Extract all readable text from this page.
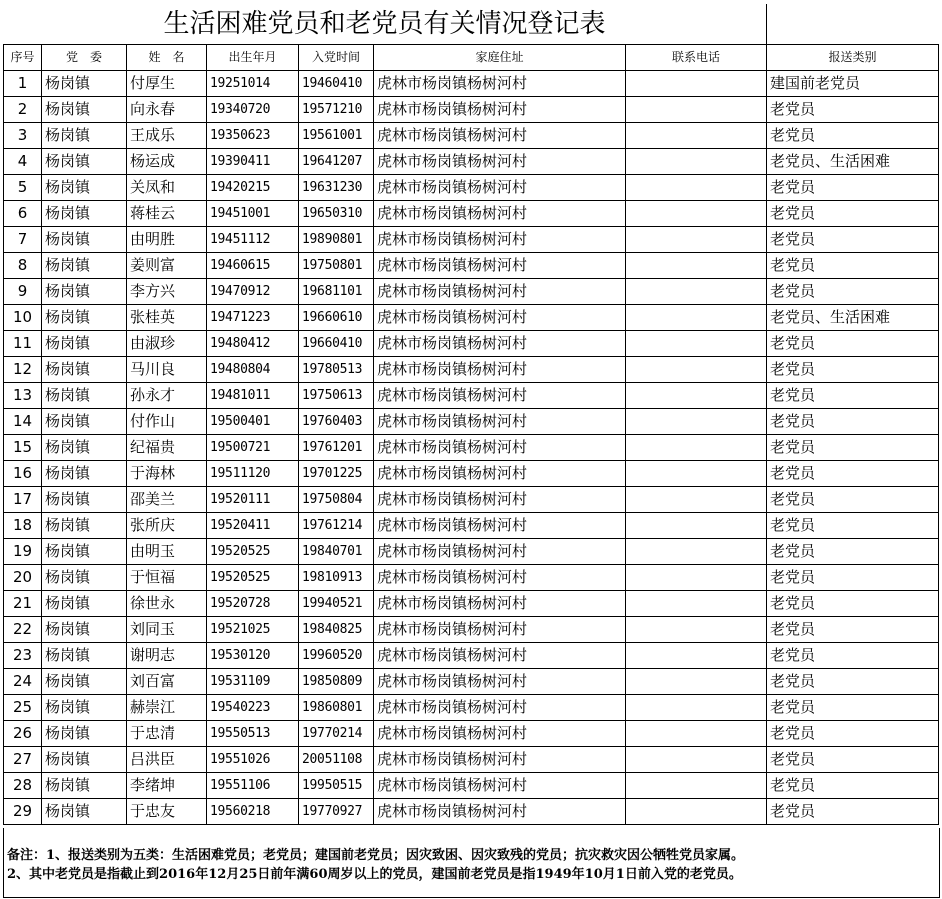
生活困难党员和老党员有关情况登记表
序号	党　委	姓　名	出生年月	入党时间	家庭住址	联系电话	报送类别
1	杨岗镇	付厚生	19251014	19460410	虎林市杨岗镇杨树河村		建国前老党员
2	杨岗镇	向永春	19340720	19571210	虎林市杨岗镇杨树河村		老党员
3	杨岗镇	王成乐	19350623	19561001	虎林市杨岗镇杨树河村		老党员
4	杨岗镇	杨运成	19390411	19641207	虎林市杨岗镇杨树河村		老党员、生活困难
5	杨岗镇	关凤和	19420215	19631230	虎林市杨岗镇杨树河村		老党员
6	杨岗镇	蒋桂云	19451001	19650310	虎林市杨岗镇杨树河村		老党员
7	杨岗镇	由明胜	19451112	19890801	虎林市杨岗镇杨树河村		老党员
8	杨岗镇	姜则富	19460615	19750801	虎林市杨岗镇杨树河村		老党员
9	杨岗镇	李方兴	19470912	19681101	虎林市杨岗镇杨树河村		老党员
10	杨岗镇	张桂英	19471223	19660610	虎林市杨岗镇杨树河村		老党员、生活困难
11	杨岗镇	由淑珍	19480412	19660410	虎林市杨岗镇杨树河村		老党员
12	杨岗镇	马川良	19480804	19780513	虎林市杨岗镇杨树河村		老党员
13	杨岗镇	孙永才	19481011	19750613	虎林市杨岗镇杨树河村		老党员
14	杨岗镇	付作山	19500401	19760403	虎林市杨岗镇杨树河村		老党员
15	杨岗镇	纪福贵	19500721	19761201	虎林市杨岗镇杨树河村		老党员
16	杨岗镇	于海林	19511120	19701225	虎林市杨岗镇杨树河村		老党员
17	杨岗镇	邵美兰	19520111	19750804	虎林市杨岗镇杨树河村		老党员
18	杨岗镇	张所庆	19520411	19761214	虎林市杨岗镇杨树河村		老党员
19	杨岗镇	由明玉	19520525	19840701	虎林市杨岗镇杨树河村		老党员
20	杨岗镇	于恒福	19520525	19810913	虎林市杨岗镇杨树河村		老党员
21	杨岗镇	徐世永	19520728	19940521	虎林市杨岗镇杨树河村		老党员
22	杨岗镇	刘同玉	19521025	19840825	虎林市杨岗镇杨树河村		老党员
23	杨岗镇	谢明志	19530120	19960520	虎林市杨岗镇杨树河村		老党员
24	杨岗镇	刘百富	19531109	19850809	虎林市杨岗镇杨树河村		老党员
25	杨岗镇	赫崇江	19540223	19860801	虎林市杨岗镇杨树河村		老党员
26	杨岗镇	于忠清	19550513	19770214	虎林市杨岗镇杨树河村		老党员
27	杨岗镇	吕洪臣	19551026	20051108	虎林市杨岗镇杨树河村		老党员
28	杨岗镇	李绪坤	19551106	19950515	虎林市杨岗镇杨树河村		老党员
29	杨岗镇	于忠友	19560218	19770927	虎林市杨岗镇杨树河村		老党员
备注：1、报送类别为五类：生活困难党员；老党员；建国前老党员；因灾致困、因灾致残的党员；抗灾救灾因公牺牲党员家属。
2、其中老党员是指截止到2016年12月25日前年满60周岁以上的党员，建国前老党员是指1949年10月1日前入党的老党员。
